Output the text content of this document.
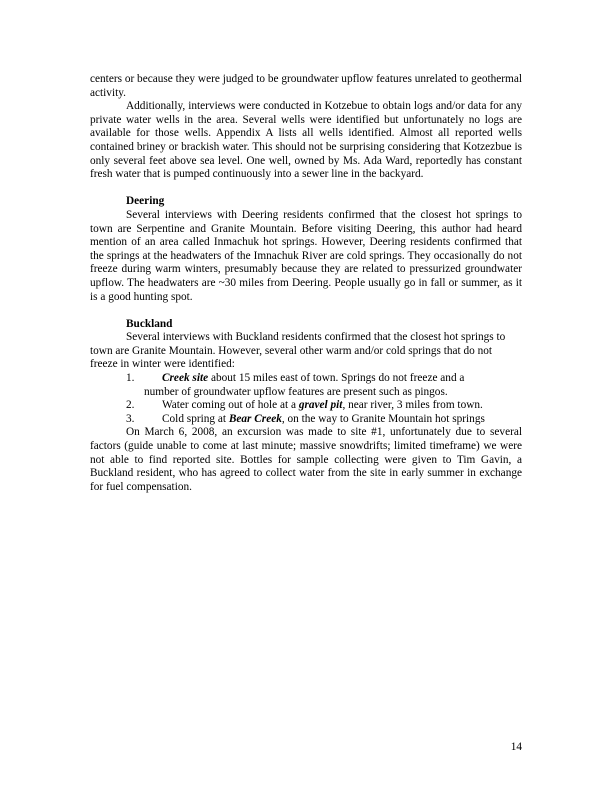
centers or because they were judged to be groundwater upflow features unrelated to geothermal activity.

Additionally, interviews were conducted in Kotzebue to obtain logs and/or data for any private water wells in the area. Several wells were identified but unfortunately no logs are available for those wells. Appendix A lists all wells identified. Almost all reported wells contained briney or brackish water. This should not be surprising considering that Kotzezbue is only several feet above sea level. One well, owned by Ms. Ada Ward, reportedly has constant fresh water that is pumped continuously into a sewer line in the backyard.

Deering

Several interviews with Deering residents confirmed that the closest hot springs to town are Serpentine and Granite Mountain. Before visiting Deering, this author had heard mention of an area called Inmachuk hot springs. However, Deering residents confirmed that the springs at the headwaters of the Imnachuk River are cold springs. They occasionally do not freeze during warm winters, presumably because they are related to pressurized groundwater upflow. The headwaters are ~30 miles from Deering. People usually go in fall or summer, as it is a good hunting spot.

Buckland

Several interviews with Buckland residents confirmed that the closest hot springs to town are Granite Mountain. However, several other warm and/or cold springs that do not freeze in winter were identified:

1.	Creek site about 15 miles east of town. Springs do not freeze and a
number of groundwater upflow features are present such as pingos.
2.	Water coming out of hole at a gravel pit, near river, 3 miles from town.
3.	Cold spring at Bear Creek, on the way to Granite Mountain hot springs

On March 6, 2008, an excursion was made to site #1, unfortunately due to several factors (guide unable to come at last minute; massive snowdrifts; limited timeframe) we were not able to find reported site. Bottles for sample collecting were given to Tim Gavin, a Buckland resident, who has agreed to collect water from the site in early summer in exchange for fuel compensation.

14
